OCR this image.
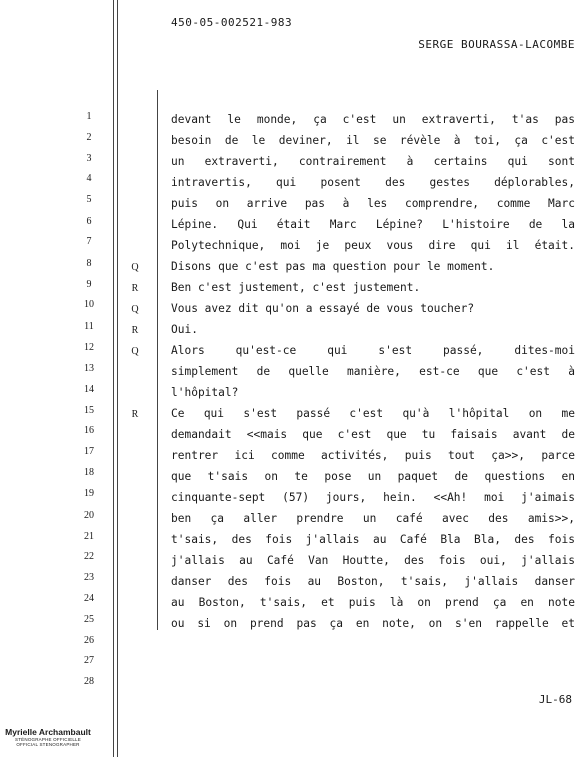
450-05-002521-983
SERGE BOURASSA-LACOMBE
1	devant le monde, ça c'est un extraverti, t'as pas
2	besoin de le deviner, il se révèle à toi, ça c'est
3	un extraverti, contrairement à certains qui sont
4	intravertis, qui posent des gestes déplorables,
5	puis on arrive pas à les comprendre, comme Marc
6	Lépine. Qui était Marc Lépine? L'histoire de la
7	Polytechnique, moi je peux vous dire qui il était.
8	Q	Disons que c'est pas ma question pour le moment.
9	R	Ben c'est justement, c'est justement.
10	Q	Vous avez dit qu'on a essayé de vous toucher?
11	R	Oui.
12	Q	Alors qu'est-ce qui s'est passé, dites-moi
13	simplement de quelle manière, est-ce que c'est à
14	l'hôpital?
15	R	Ce qui s'est passé c'est qu'à l'hôpital on me
16	demandait <<mais que c'est que tu faisais avant de
17	rentrer ici comme activités, puis tout ça>>, parce
18	que t'sais on te pose un paquet de questions en
19	cinquante-sept (57) jours, hein. <<Ah! moi j'aimais
20	ben ça aller prendre un café avec des amis>>,
21	t'sais, des fois j'allais au Café Bla Bla, des fois
22	j'allais au Café Van Houtte, des fois oui, j'allais
23	danser des fois au Boston, t'sais, j'allais danser
24	au Boston, t'sais, et puis là on prend ça en note
25	ou si on prend pas ça en note, on s'en rappelle et
26
27
28
JL-68
Myrielle Archambault
STÉNOGRAPHE OFFICIELLE
OFFICIAL STENOGRAPHER
